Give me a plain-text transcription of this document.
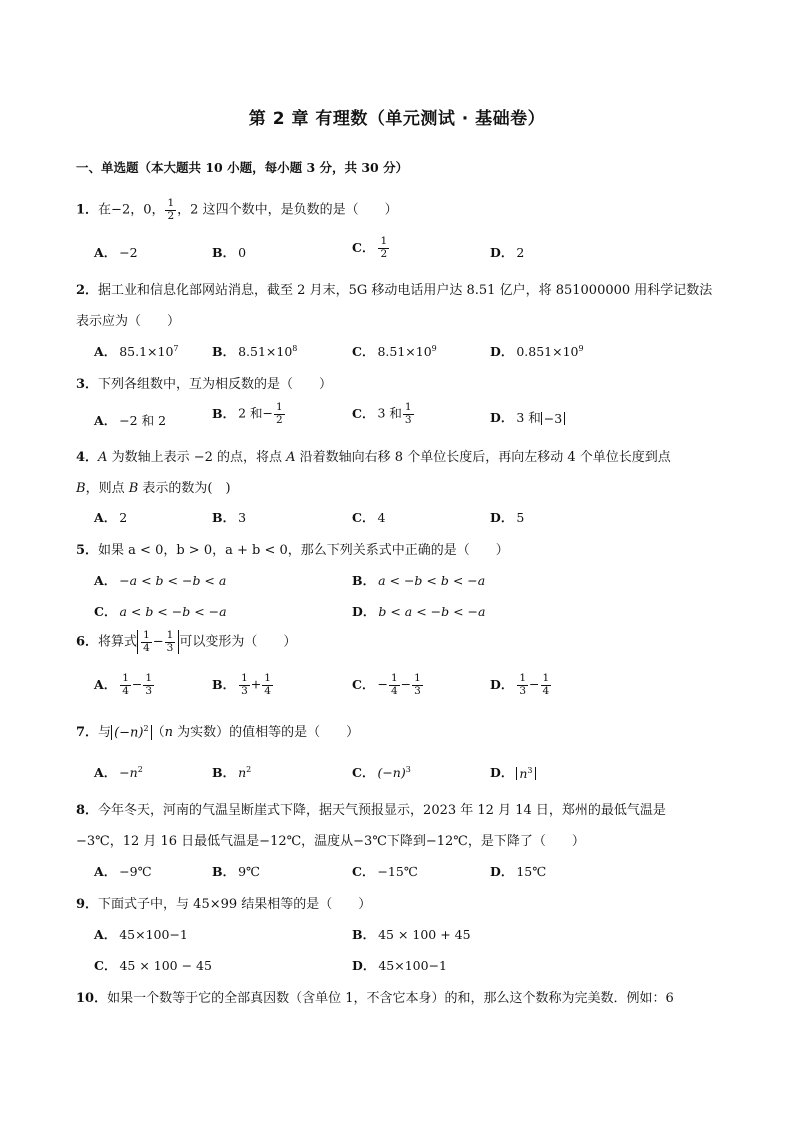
第 2 章 有理数（单元测试 · 基础卷）
一、单选题（本大题共 10 小题，每小题 3 分，共 30 分）
1．在−2，0， $\frac{1}{2}$ ，2 这四个数中，是负数的是（　　）
A． −2	B． 0	C． $\frac{1}{2}$	D． 2
2．据工业和信息化部网站消息，截至 2 月末，5G 移动电话用户达 8.51 亿户，将 851000000 用科学记数法
表示应为（　　）
A． $85.1\times 10^7$	B． $8.51\times 10^8$	C． $8.51\times 10^9$	D． $0.851\times 10^9$
3．下列各组数中，互为相反数的是（　　）
A． −2 和 2	B． 2 和− $\frac{1}{2}$	C． 3 和 $\frac{1}{3}$	D． 3 和 −3
4．A 为数轴上表示 −2 的点，将点 A 沿着数轴向右移 8 个单位长度后，再向左移动 4 个单位长度到点
B，则点 B 表示的数为(　)
A． 2	B． 3	C． 4	D． 5
5．如果 a < 0，b > 0，a + b < 0，那么下列关系式中正确的是（　　）
A． −a < b < −b < a	B． a < −b < b < −a
C． a < b < −b < −a	D． b < a < −b < −a
6．将算式 $\frac{1}{4} - \frac{1}{3}$ 可以变形为（　　）
A． $\frac{1}{4} - \frac{1}{3}$	B． $\frac{1}{3} + \frac{1}{4}$	C． − $\frac{1}{4} - \frac{1}{3}$	D． $\frac{1}{3} - \frac{1}{4}$
7．与 $(-n)^2$ （n 为实数）的值相等的是（　　）
A． $-n^2$	B． $n^2$	C． $(-n)^3$	D． $n^3$
8．今年冬天，河南的气温呈断崖式下降，据天气预报显示，2023 年 12 月 14 日，郑州的最低气温是
−3℃，12 月 16 日最低气温是−12℃，温度从−3℃下降到−12℃，是下降了（　　）
A． −9℃	B． 9℃	C． −15℃	D． 15℃
9．下面式子中，与 45×99 结果相等的是（　　）
A． 45×100−1	B． 45 × 100 + 45
C． 45 × 100 − 45	D． 45×100−1
10．如果一个数等于它的全部真因数（含单位 1，不含它本身）的和，那么这个数称为完美数．例如：6
